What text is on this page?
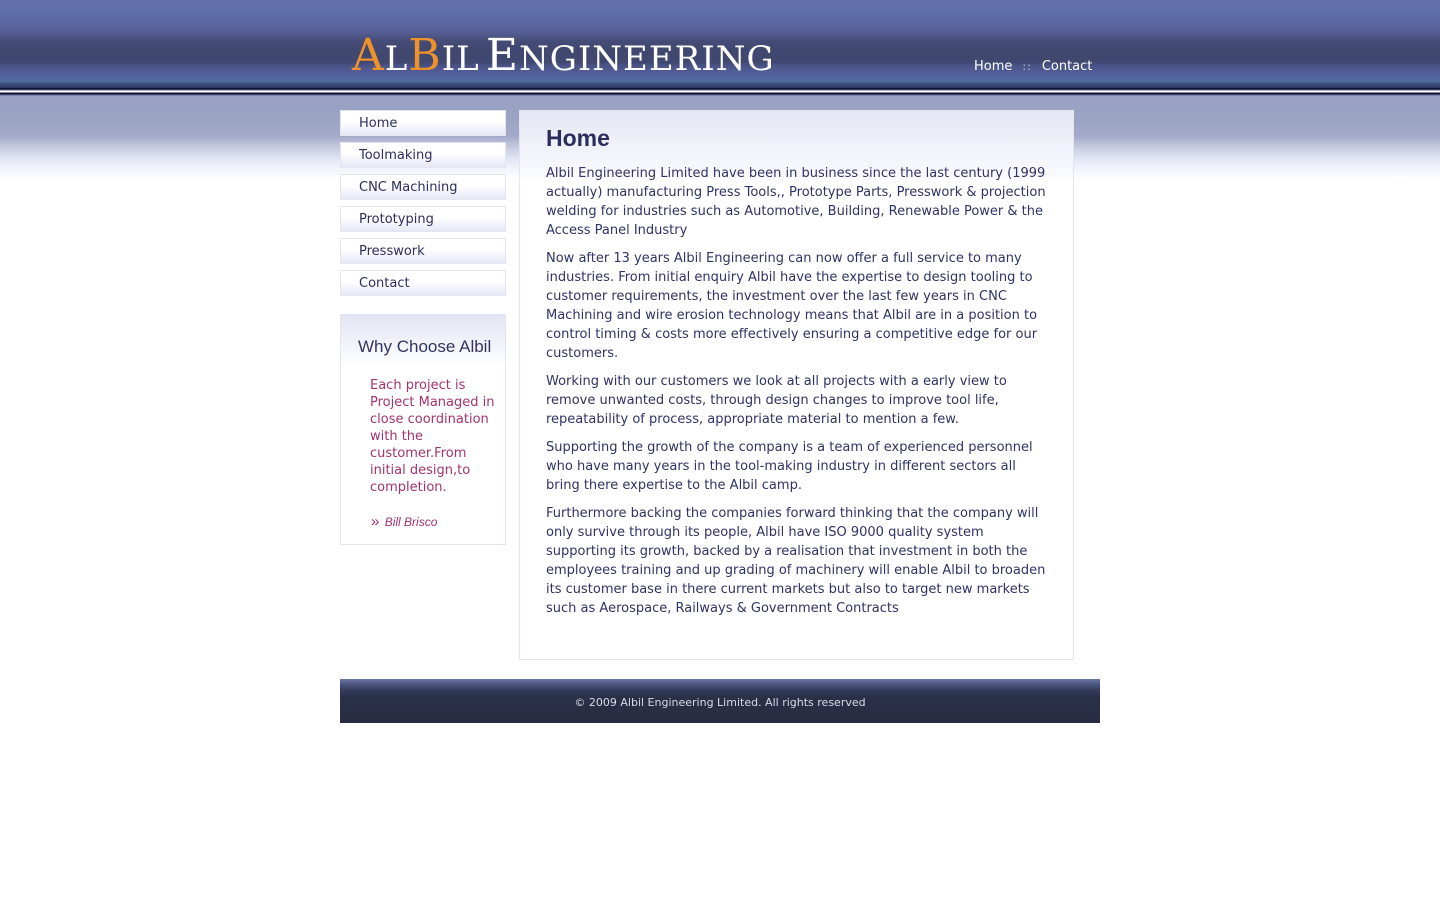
ALBIL ENGINEERING	Home :: Contact
Home
Toolmaking
CNC Machining
Prototyping
Presswork
Contact
Why Choose Albil

Each project is Project Managed in close coordination with the customer.From initial design,to completion.

» Bill Brisco
Home

Albil Engineering Limited have been in business since the last century (1999 actually) manufacturing Press Tools,, Prototype Parts, Presswork & projection welding for industries such as Automotive, Building, Renewable Power & the Access Panel Industry

Now after 13 years Albil Engineering can now offer a full service to many industries. From initial enquiry Albil have the expertise to design tooling to customer requirements, the investment over the last few years in CNC Machining and wire erosion technology means that Albil are in a position to control timing & costs more effectively ensuring a competitive edge for our customers.

Working with our customers we look at all projects with a early view to remove unwanted costs, through design changes to improve tool life, repeatability of process, appropriate material to mention a few.

Supporting the growth of the company is a team of experienced personnel who have many years in the tool-making industry in different sectors all bring there expertise to the Albil camp.

Furthermore backing the companies forward thinking that the company will only survive through its people, Albil have ISO 9000 quality system supporting its growth, backed by a realisation that investment in both the employees training and up grading of machinery will enable Albil to broaden its customer base in there current markets but also to target new markets such as Aerospace, Railways & Government Contracts

© 2009 Albil Engineering Limited. All rights reserved
